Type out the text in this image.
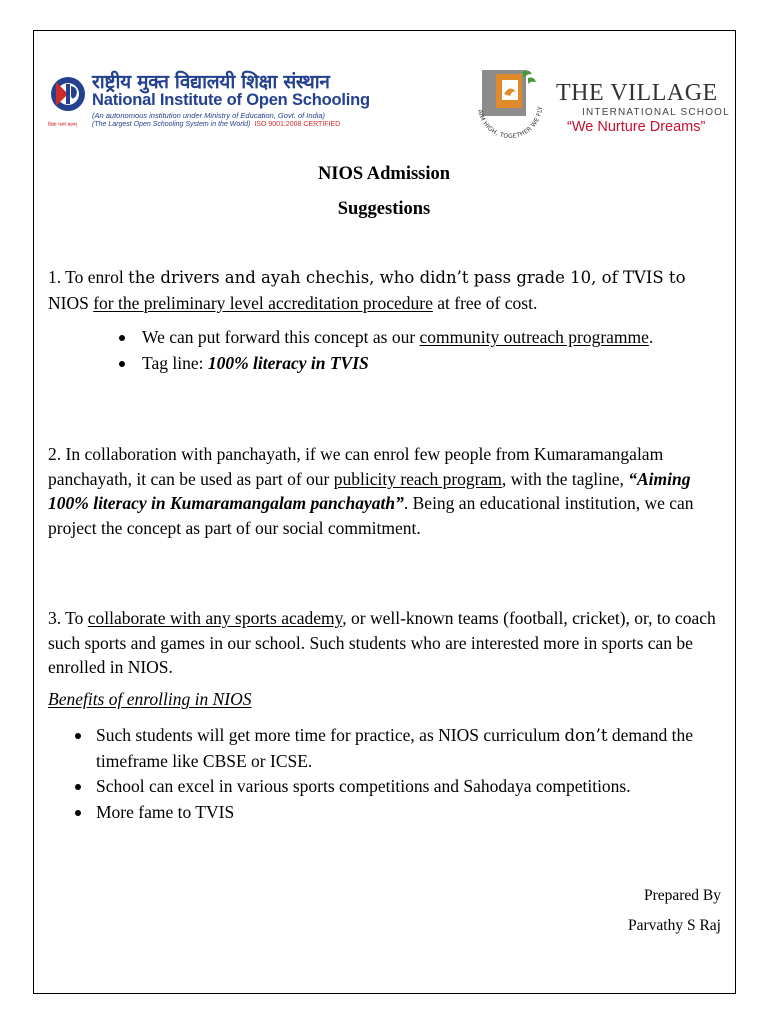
विद्या परमं बलम्
राष्ट्रीय मुक्त विद्यालयी शिक्षा संस्थान
National Institute of Open Schooling
(An autonomous institution under Ministry of Education, Govt. of India)
(The Largest Open Schooling System in the World) ISO 9001:2008 CERTIFIED
AIM HIGH, TOGETHER WE FLY
THE VILLAGE
INTERNATIONAL SCHOOL
“We Nurture Dreams”
NIOS Admission
Suggestions
1. To enrol the drivers and ayah chechis, who didn’t pass grade 10, of TVIS to
NIOS for the preliminary level accreditation procedure at free of cost.
We can put forward this concept as our community outreach programme.
Tag line: 100% literacy in TVIS
2. In collaboration with panchayath, if we can enrol few people from Kumaramangalam panchayath, it can be used as part of our publicity reach program, with the tagline, “Aiming 100% literacy in Kumaramangalam panchayath”. Being an educational institution, we can project the concept as part of our social commitment.
3. To collaborate with any sports academy, or well-known teams (football, cricket), or, to coach such sports and games in our school. Such students who are interested more in sports can be enrolled in NIOS.
Benefits of enrolling in NIOS
Such students will get more time for practice, as NIOS curriculum don’t demand the timeframe like CBSE or ICSE.
School can excel in various sports competitions and Sahodaya competitions.
More fame to TVIS
Prepared By
Parvathy S Raj
